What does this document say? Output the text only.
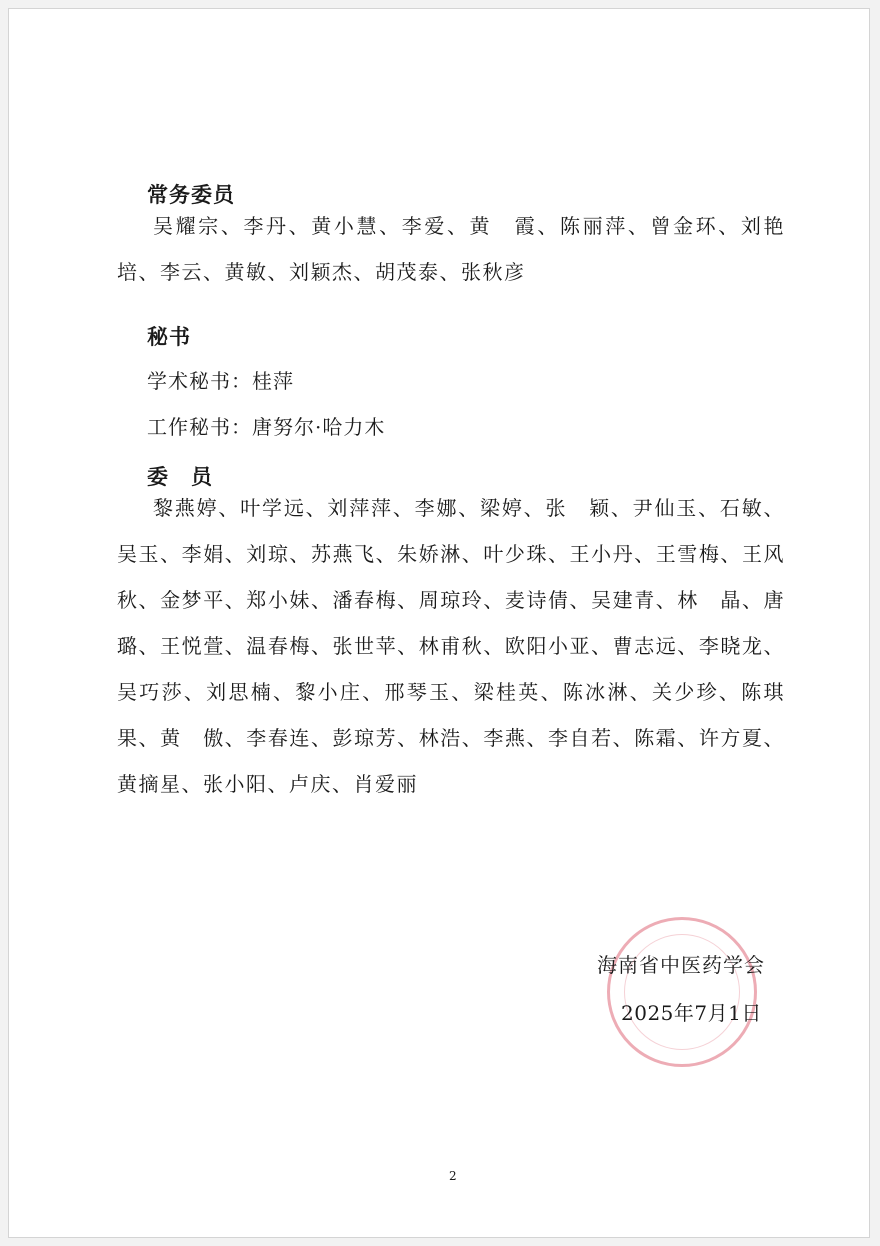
常务委员
吴耀宗、李丹、黄小慧、李爱、黄　霞、陈丽萍、曾金环、刘艳培、李云、黄敏、刘颖杰、胡茂泰、张秋彦
秘书
学术秘书：桂萍
工作秘书：唐努尔·哈力木
委　员
黎燕婷、叶学远、刘萍萍、李娜、梁婷、张　颖、尹仙玉、石敏、吴玉、李娟、刘琼、苏燕飞、朱娇淋、叶少珠、王小丹、王雪梅、王风秋、金梦平、郑小妹、潘春梅、周琼玲、麦诗倩、吴建青、林　晶、唐　璐、王悦萱、温春梅、张世苹、林甫秋、欧阳小亚、曹志远、李晓龙、吴巧莎、刘思楠、黎小庄、邢琴玉、梁桂英、陈冰淋、关少珍、陈琪果、黄　傲、李春连、彭琼芳、林浩、李燕、李自若、陈霜、许方夏、黄摘星、张小阳、卢庆、肖爱丽
海南省中医药学会
2025年7月1日
2
